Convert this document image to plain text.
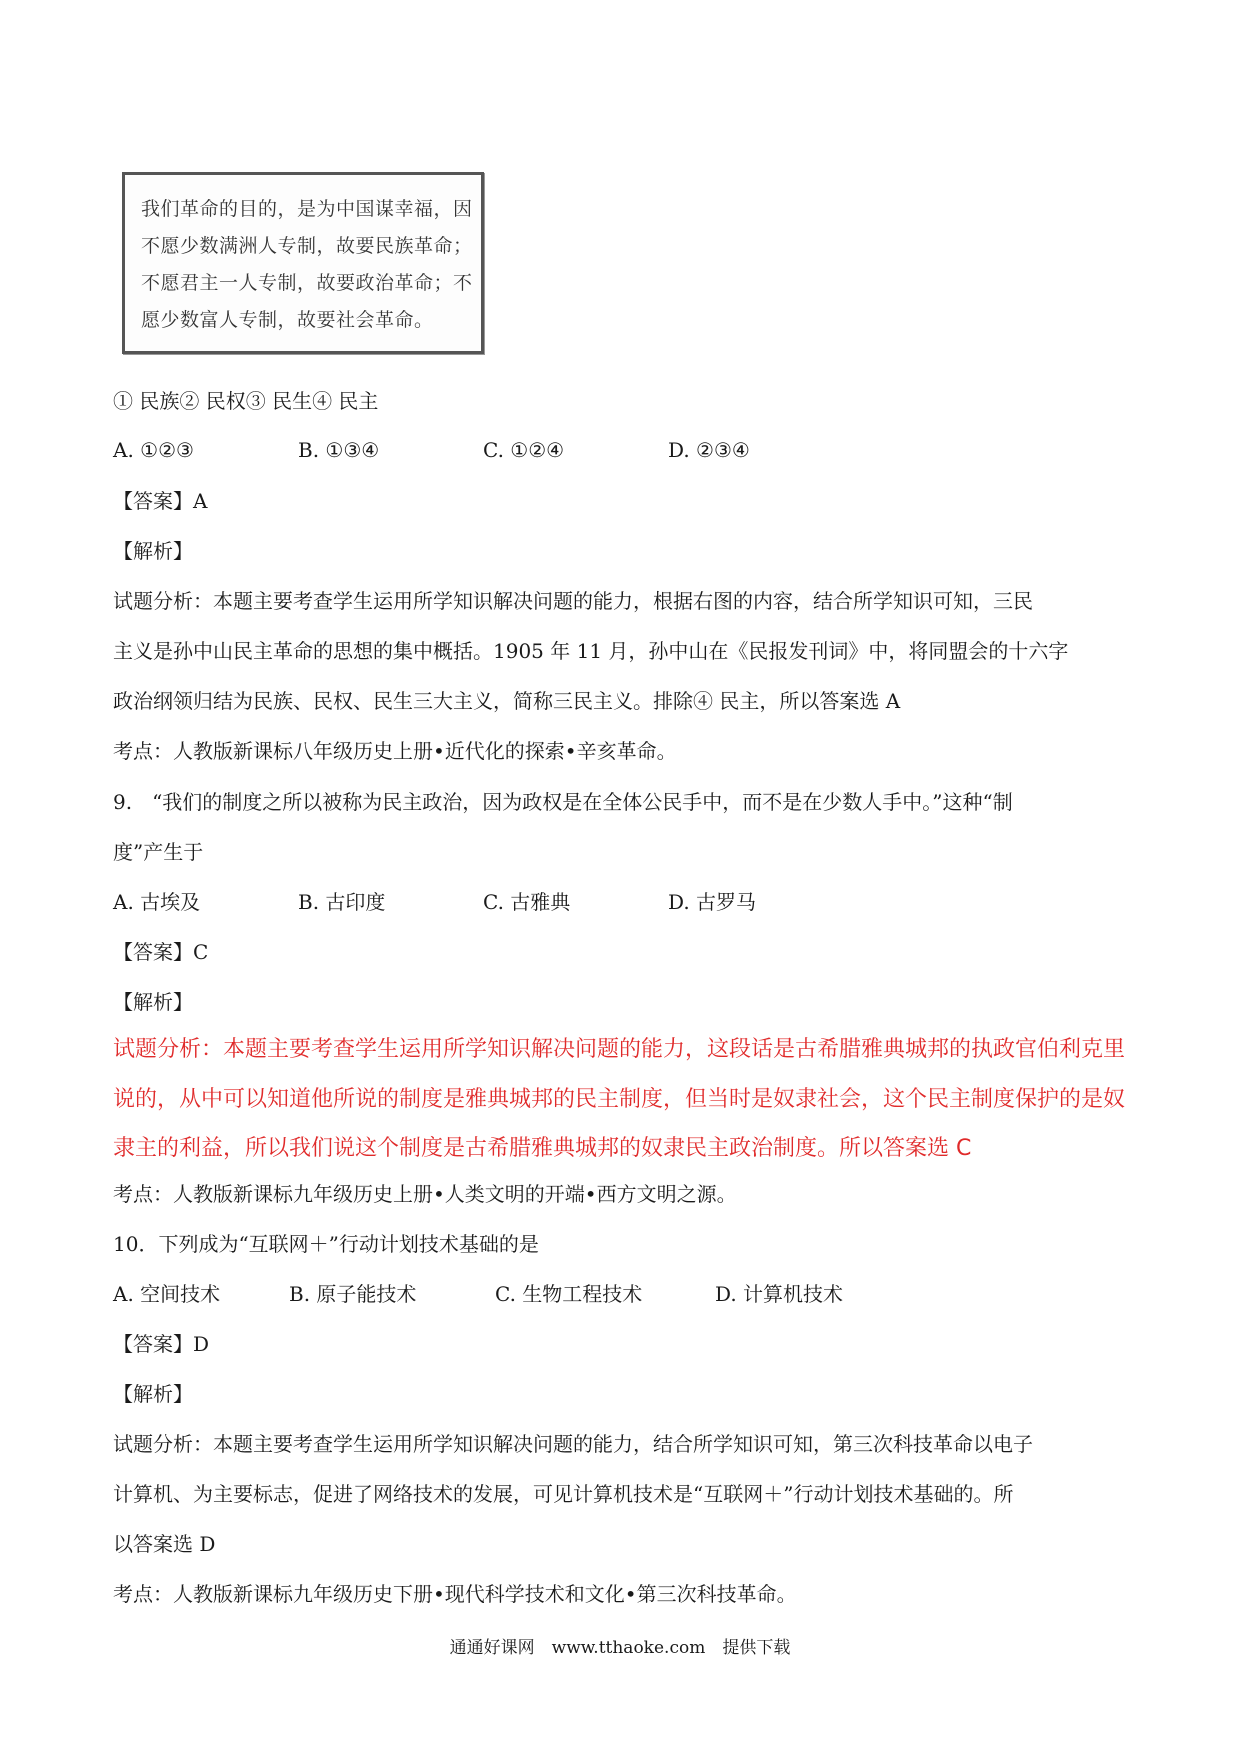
我们革命的目的，是为中国谋幸福，因
不愿少数满洲人专制，故要民族革命；
不愿君主一人专制，故要政治革命；不
愿少数富人专制，故要社会革命。
① 民族② 民权③ 民生④ 民主
A. ①②③	B. ①③④	C. ①②④	D. ②③④
【答案】A
【解析】
试题分析：本题主要考查学生运用所学知识解决问题的能力，根据右图的内容，结合所学知识可知，三民
主义是孙中山民主革命的思想的集中概括。1905 年 11 月，孙中山在《民报发刊词》中，将同盟会的十六字
政治纲领归结为民族、民权、民生三大主义，简称三民主义。排除④ 民主，所以答案选 A
考点：人教版新课标八年级历史上册•近代化的探索•辛亥革命。
9.　“我们的制度之所以被称为民主政治，因为政权是在全体公民手中，而不是在少数人手中。”这种“制
度”产生于
A. 古埃及	B. 古印度	C. 古雅典	D. 古罗马
【答案】C
【解析】
试题分析：本题主要考查学生运用所学知识解决问题的能力，这段话是古希腊雅典城邦的执政官伯利克里
说的，从中可以知道他所说的制度是雅典城邦的民主制度，但当时是奴隶社会，这个民主制度保护的是奴
隶主的利益，所以我们说这个制度是古希腊雅典城邦的奴隶民主政治制度。所以答案选 C
考点：人教版新课标九年级历史上册•人类文明的开端•西方文明之源。
10．下列成为“互联网＋”行动计划技术基础的是
A. 空间技术	B. 原子能技术	C. 生物工程技术	D. 计算机技术
【答案】D
【解析】
试题分析：本题主要考查学生运用所学知识解决问题的能力，结合所学知识可知，第三次科技革命以电子
计算机、为主要标志，促进了网络技术的发展，可见计算机技术是“互联网＋”行动计划技术基础的。所
以答案选 D
考点：人教版新课标九年级历史下册•现代科学技术和文化•第三次科技革命。
通通好课网　www.tthaoke.com　提供下载
